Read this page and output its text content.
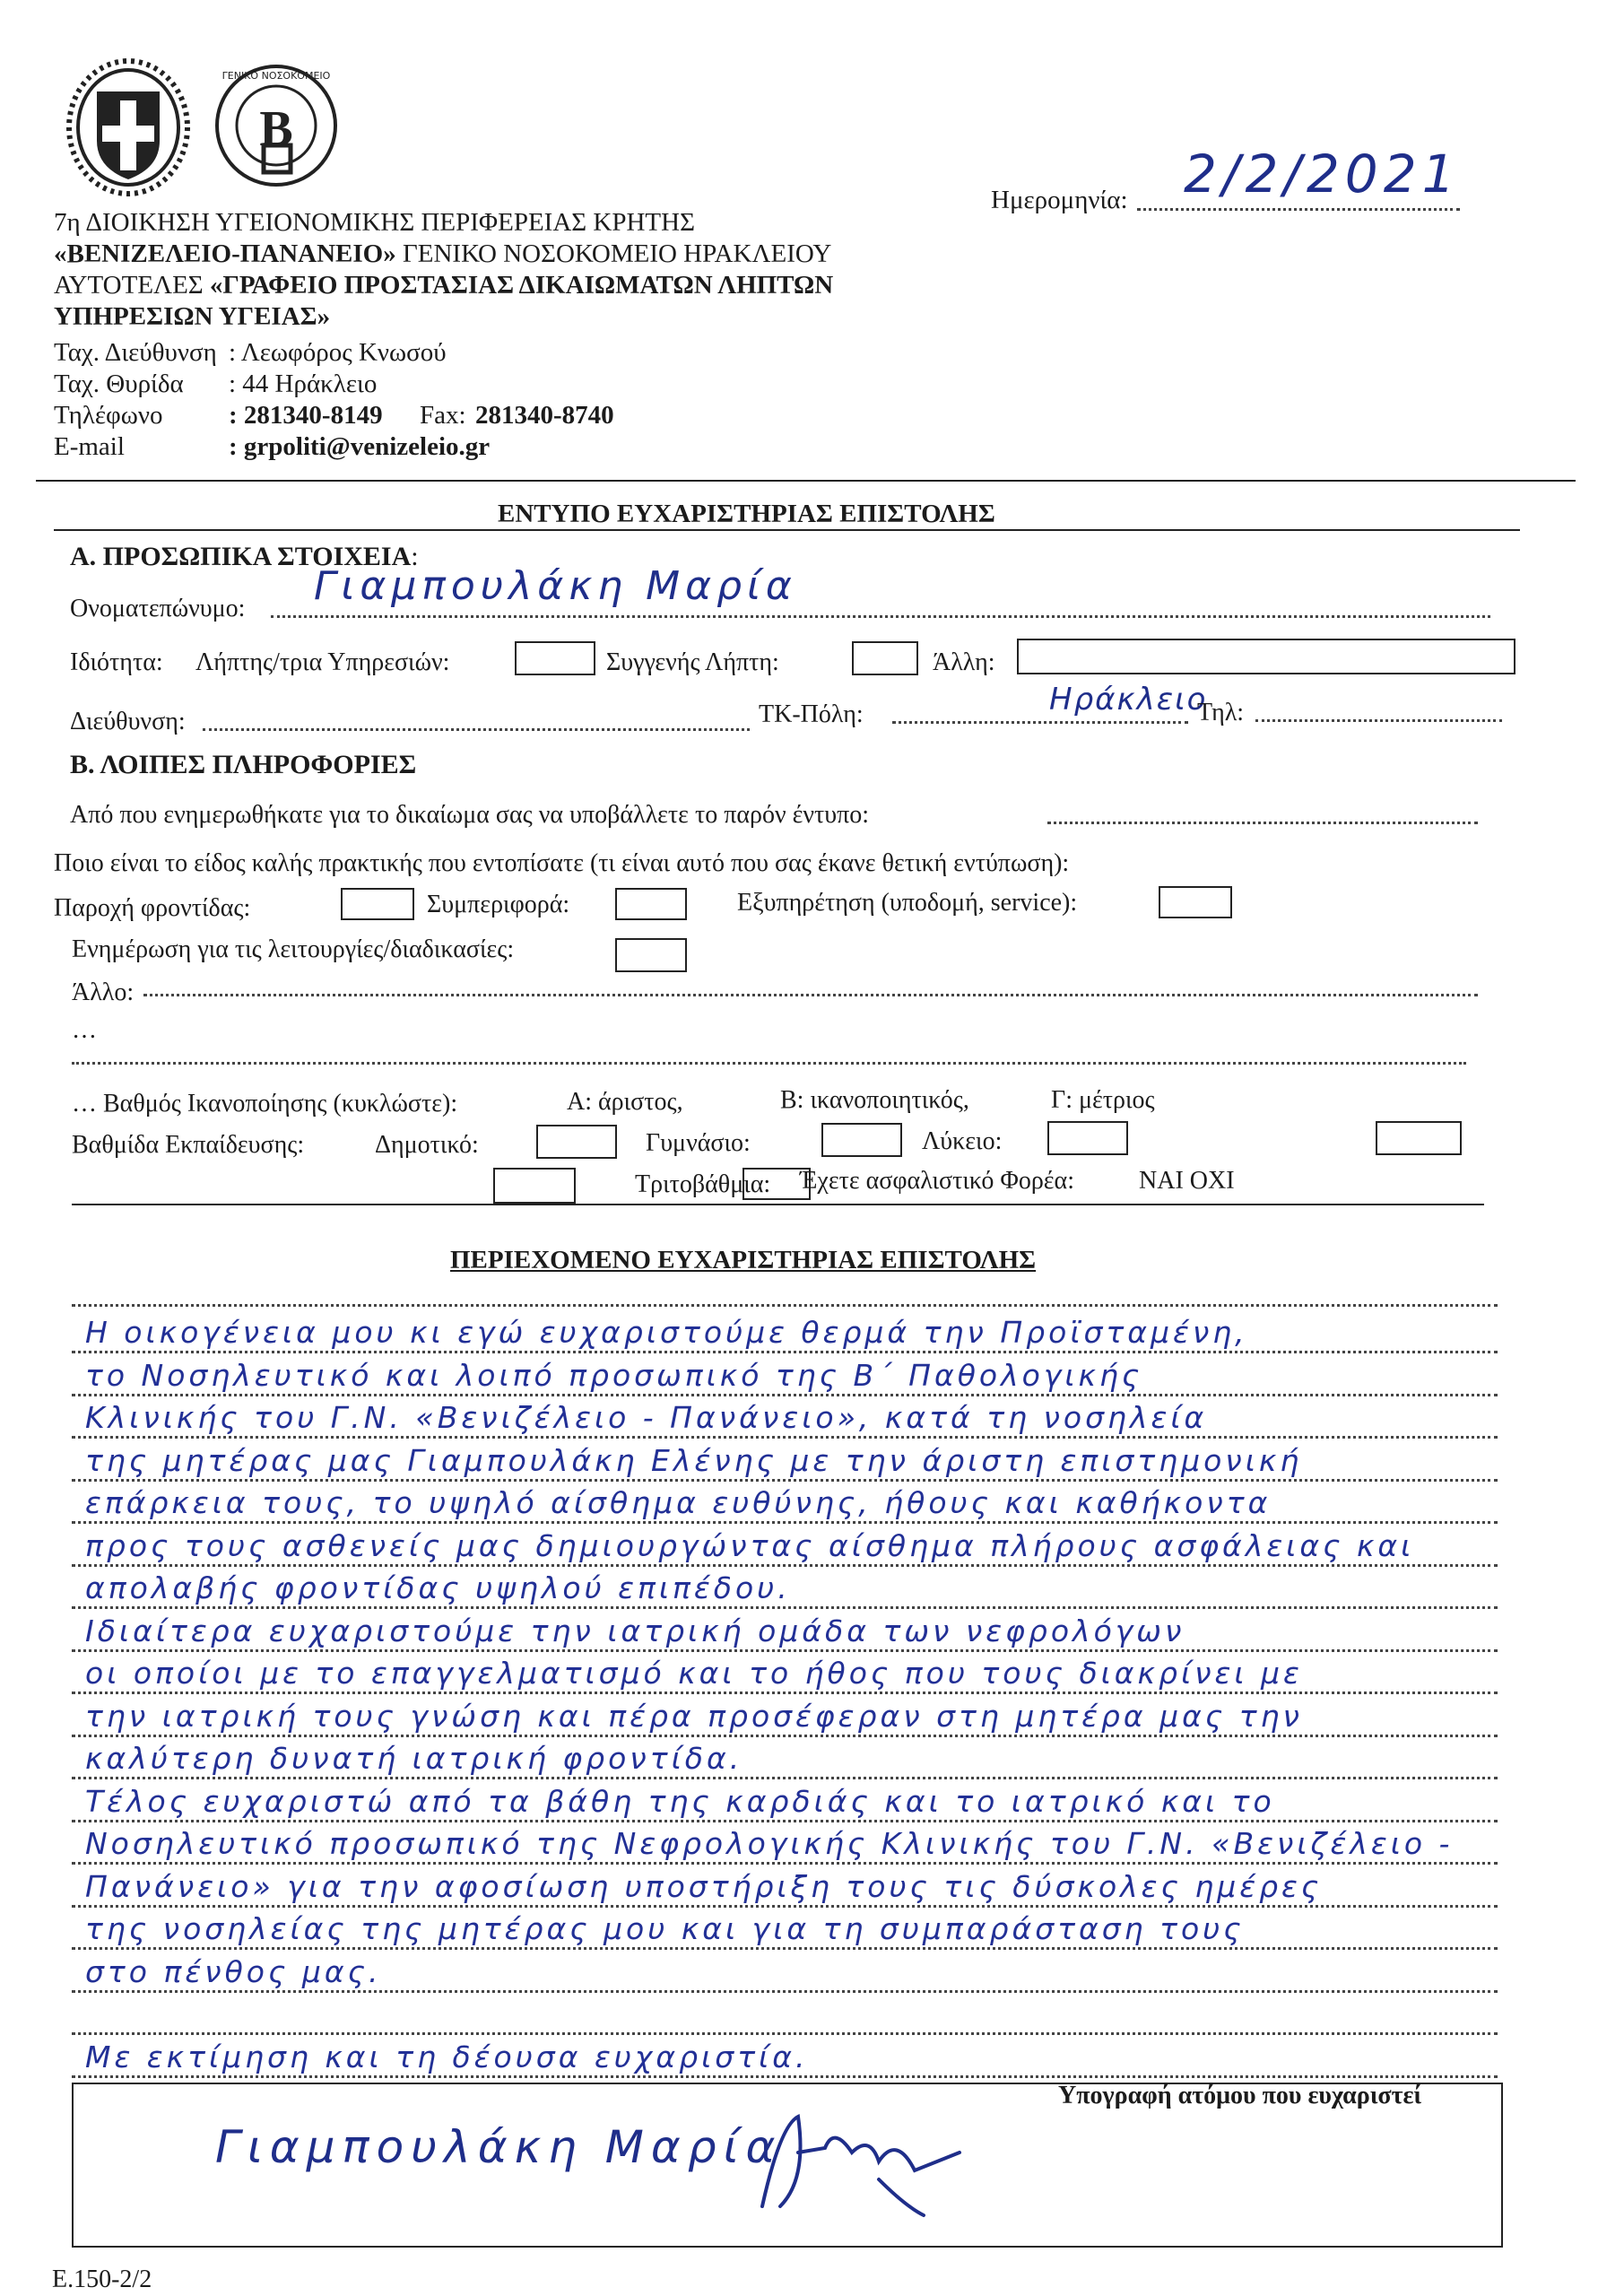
B
ΓΕΝΙΚΟ ΝΟΣΟΚΟΜΕΙΟ
7η ΔΙΟΙΚΗΣΗ ΥΓΕΙΟΝΟΜΙΚΗΣ ΠΕΡΙΦΕΡΕΙΑΣ ΚΡΗΤΗΣ
«ΒΕΝΙΖΕΛΕΙΟ-ΠΑΝΑΝΕΙΟ» ΓΕΝΙΚΟ ΝΟΣΟΚΟΜΕΙΟ ΗΡΑΚΛΕΙΟΥ
ΑΥΤΟΤΕΛΕΣ «ΓΡΑΦΕΙΟ ΠΡΟΣΤΑΣΙΑΣ ΔΙΚΑΙΩΜΑΤΩΝ ΛΗΠΤΩΝ
ΥΠΗΡΕΣΙΩΝ ΥΓΕΙΑΣ»
Ταχ. Διεύθυνση : Λεωφόρος Κνωσού
Ταχ. Θυρίδα : 44 Ηράκλειο
Τηλέφωνο	: 281340-8149 Fax: 281340-8740
E-mail	: grpoliti@venizeleio.gr
Ημερομηνία: 2/2/2021
ΕΝΤΥΠΟ ΕΥΧΑΡΙΣΤΗΡΙΑΣ ΕΠΙΣΤΟΛΗΣ
Α. ΠΡΟΣΩΠΙΚΑ ΣΤΟΙΧΕΙΑ:
Ονοματεπώνυμο: Γιαμπουλάκη Μαρία
Ιδιότητα: Λήπτης/τρια Υπηρεσιών:	Συγγενής Λήπτη:	Άλλη:
Διεύθυνση:	ΤΚ-Πόλη:	Ηράκλειο
Τηλ:
Β. ΛΟΙΠΕΣ ΠΛΗΡΟΦΟΡΙΕΣ
Από που ενημερωθήκατε για το δικαίωμα σας να υποβάλλετε το παρόν έντυπο:
Ποιο είναι το είδος καλής πρακτικής που εντοπίσατε (τι είναι αυτό που σας έκανε θετική εντύπωση):
Παροχή φροντίδας:	Συμπεριφορά:	Εξυπηρέτηση (υποδομή, service):
Ενημέρωση για τις λειτουργίες/διαδικασίες:
Άλλο:
…
… Βαθμός Ικανοποίησης (κυκλώστε):	Α: άριστος,	Β: ικανοποιητικός,	Γ: μέτριος
Βαθμίδα Εκπαίδευσης:	Δημοτικό:	Γυμνάσιο:	Λύκειο:
Τριτοβάθμια: Έχετε ασφαλιστικό Φορέα:	ΝΑΙ ΟΧΙ
ΠΕΡΙΕΧΟΜΕΝΟ ΕΥΧΑΡΙΣΤΗΡΙΑΣ ΕΠΙΣΤΟΛΗΣ
Η οικογένεια μου κι εγώ ευχαριστούμε θερμά την Προϊσταμένη,
το Νοσηλευτικό και λοιπό προσωπικό της Β΄ Παθολογικής
Κλινικής του Γ.Ν. «Βενιζέλειο - Πανάνειο», κατά τη νοσηλεία
της μητέρας μας Γιαμπουλάκη Ελένης με την άριστη επιστημονική
επάρκεια τους, το υψηλό αίσθημα ευθύνης, ήθους και καθήκοντα
προς τους ασθενείς μας δημιουργώντας αίσθημα πλήρους ασφάλειας και
απολαβής φροντίδας υψηλού επιπέδου.
Ιδιαίτερα ευχαριστούμε την ιατρική ομάδα των νεφρολόγων
οι οποίοι με το επαγγελματισμό και το ήθος που τους διακρίνει με
την ιατρική τους γνώση και πέρα προσέφεραν στη μητέρα μας την
καλύτερη δυνατή ιατρική φροντίδα.
Τέλος ευχαριστώ από τα βάθη της καρδιάς και το ιατρικό και το
Νοσηλευτικό προσωπικό της Νεφρολογικής Κλινικής του Γ.Ν. «Βενιζέλειο -
Πανάνειο» για την αφοσίωση υποστήριξη τους τις δύσκολες ημέρες
της νοσηλείας της μητέρας μου και για τη συμπαράσταση τους
στο πένθος μας.
Με εκτίμηση και τη δέουσα ευχαριστία.
Υπογραφή ατόμου που ευχαριστεί
Γιαμπουλάκη Μαρία
Ε.150-2/2
